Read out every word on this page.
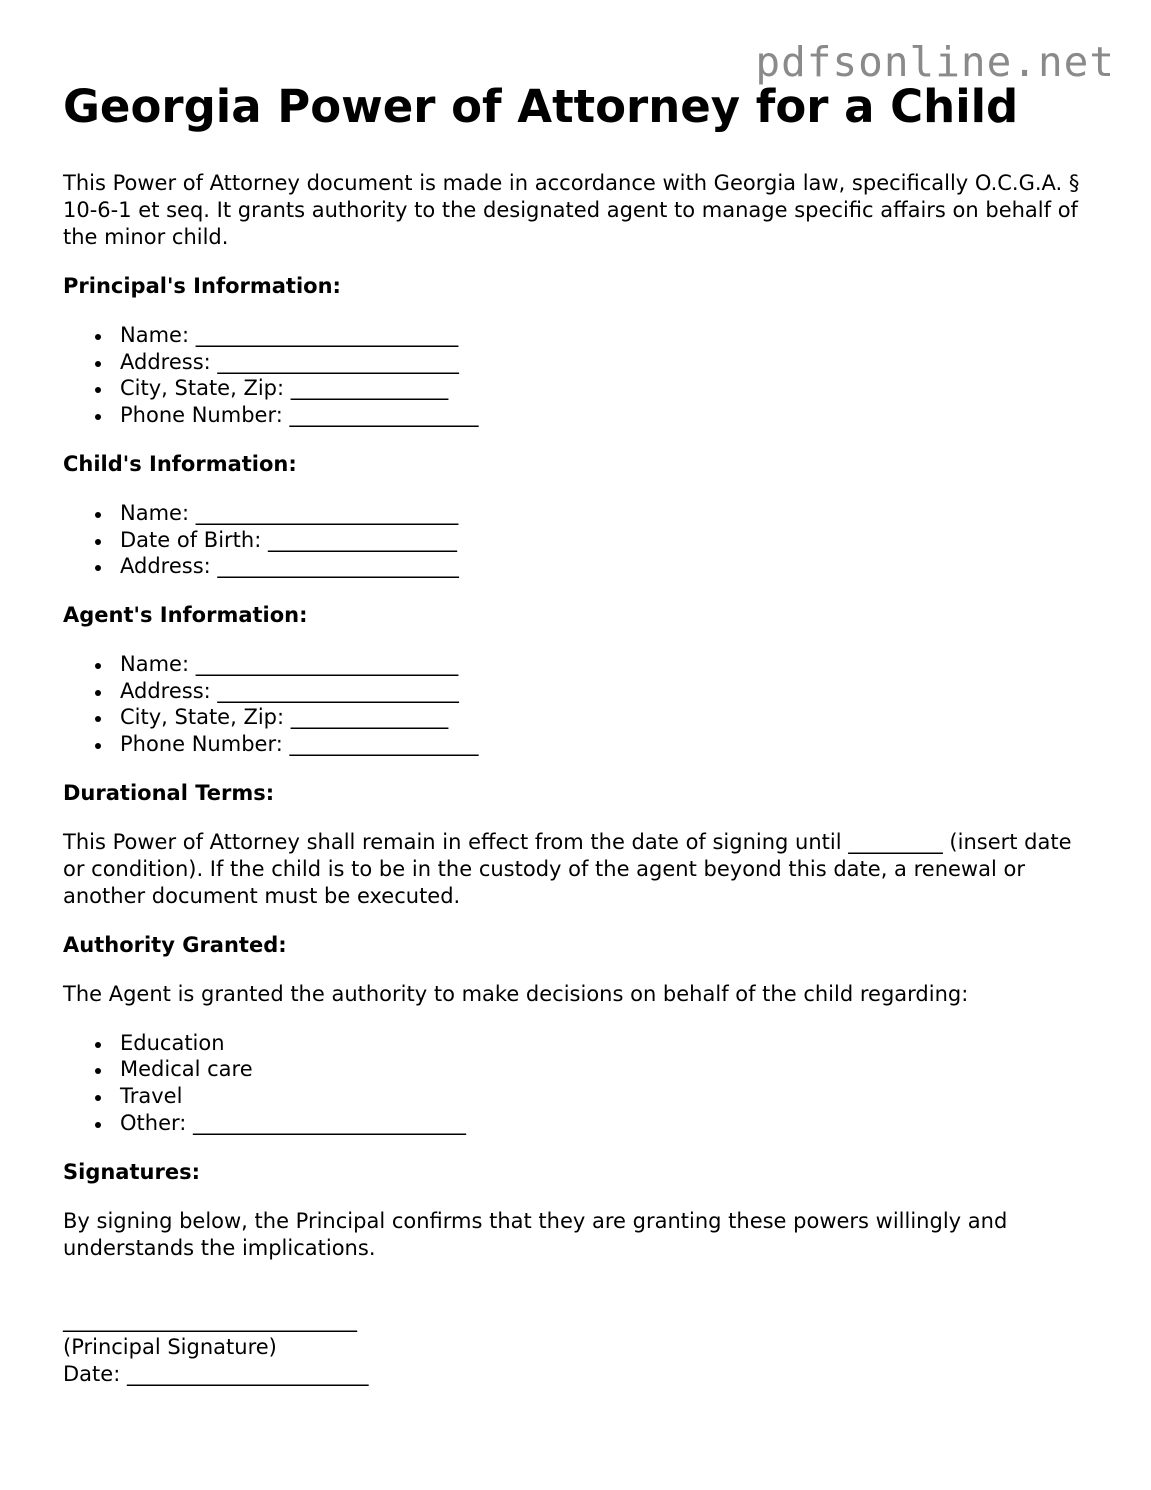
pdfsonline.net
Georgia Power of Attorney for a Child

This Power of Attorney document is made in accordance with Georgia law, specifically O.C.G.A. § 10-6-1 et seq. It grants authority to the designated agent to manage specific affairs on behalf of the minor child.

Principal's Information:
Name: _________________________
Address: _______________________
City, State, Zip: _______________
Phone Number: __________________
Child's Information:
Name: _________________________
Date of Birth: __________________
Address: _______________________
Agent's Information:
Name: _________________________
Address: _______________________
City, State, Zip: _______________
Phone Number: __________________
Durational Terms:

This Power of Attorney shall remain in effect from the date of signing until _________ (insert date or condition). If the child is to be in the custody of the agent beyond this date, a renewal or another document must be executed.

Authority Granted:

The Agent is granted the authority to make decisions on behalf of the child regarding:

Education
Medical care
Travel
Other: __________________________
Signatures:

By signing below, the Principal confirms that they are granting these powers willingly and understands the implications.

____________________________
(Principal Signature)
Date: _______________________
